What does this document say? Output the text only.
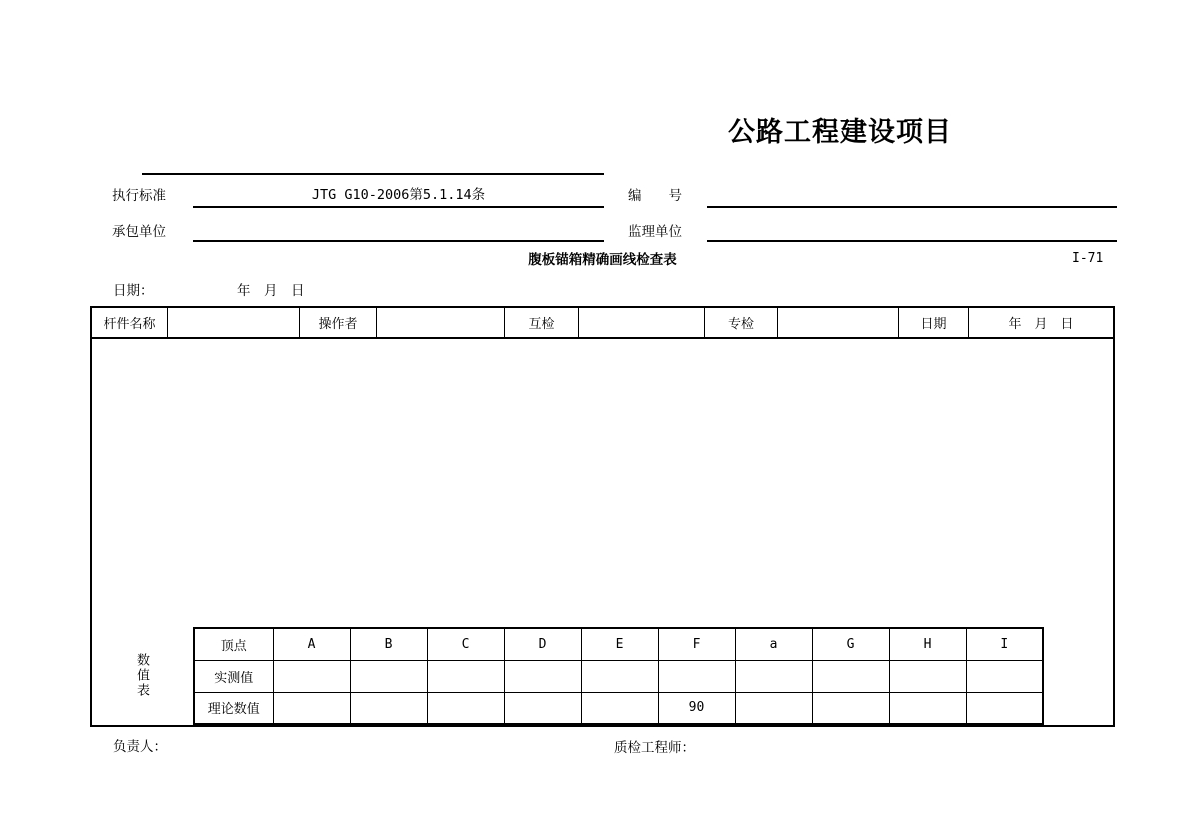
公路工程建设项目
执行标准	JTG G10-2006第5.1.14条	编　　号
承包单位	监理单位
腹板锚箱精确画线检查表	I-71
日期：	年　月　日
杆件名称	操作者	互检	专检	日期	年　月　日
数值表
顶点	A	B	C	D	E	F	a	G	H	I
实测值										
理论数值						90				
负责人：	质检工程师：
